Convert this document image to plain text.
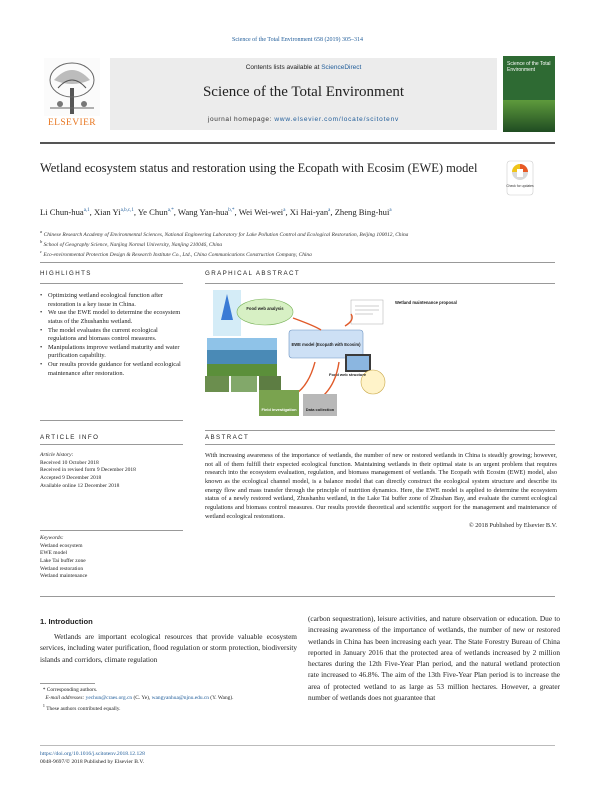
Science of the Total Environment 658 (2019) 305–314
ELSEVIER
Contents lists available at ScienceDirect
Science of the Total Environment
journal homepage: www.elsevier.com/locate/scitotenv
Science of the Total Environment
Wetland ecosystem status and restoration using the Ecopath with Ecosim (EWE) model
Check for updates
Li Chun-hua$^{a,1}$, Xian Yi$^{a,b,c,1}$, Ye Chun$^{a,*}$, Wang Yan-hua$^{b,*}$, Wei Wei-wei$^a$, Xi Hai-yan$^a$, Zheng Bing-hui$^a$
$^a$ Chinese Research Academy of Environmental Sciences, National Engineering Laboratory for Lake Pollution Control and Ecological Restoration, Beijing 100012, China
$^b$ School of Geography Science, Nanjing Normal University, Nanjing 210046, China
$^c$ Eco-environmental Protection Design & Research Institute Co., Ltd., China Communications Construction Company, China
HIGHLIGHTS
• Optimizing wetland ecological function after restoration is a key issue in China.
• We use the EWE model to determine the ecosystem status of the Zhushanhu wetland.
• The model evaluates the current ecological regulations and biomass control measures.
• Manipulations improve wetland maturity and water purification capability.
• Our results provide guidance for wetland ecological maintenance after restoration.
GRAPHICAL ABSTRACT
Food web analysis
Wetland maintenance proposal
EWE model (Ecopath with Ecosim)
Food web structure
Field investigation Data collection
ARTICLE INFO
Article history:
Received 10 October 2018
Received in revised form 9 December 2018
Accepted 9 December 2018
Available online 12 December 2018
Keywords:
Wetland ecosystem
EWE model
Lake Tai buffer zone
Wetland restoration
Wetland maintenance
ABSTRACT
With increasing awareness of the importance of wetlands, the number of new or restored wetlands in China is steadily growing; however, not all of them fulfill their expected ecological function. Maintaining wetlands in their optimal state is an urgent problem that requires research into the ecosystem evaluation, regulation, and biomass management of wetlands. The Ecopath with Ecosim (EWE) model, also known as the ecological channel model, is a balance model that can directly construct the ecological system structure and describe its energy flow and mass transfer through the principle of nutrition dynamics. Here, the EWE model is applied to determine the ecosystem status of a newly restored wetland, Zhushanhu wetland, in the Lake Tai buffer zone of Zhushan Bay, and evaluate the current ecological regulations and biomass control measures. Our results provide theoretical and scientific support for the management and maintenance of wetland ecological restorations.
© 2018 Published by Elsevier B.V.
1. Introduction
Wetlands are important ecological resources that provide valuable ecosystem services, including water purification, flood regulation or storm protection, biodiversity islands and corridors, climate regulation
(carbon sequestration), leisure activities, and nature observation or education. Due to increasing awareness of the importance of wetlands, the number of new or restored wetlands in China has been increasing each year. The State Forestry Bureau of China reported in January 2016 that the protected area of wetlands increased by 2 million hectares during the 12th Five-Year Plan period, and the natural wetland protection rate increased to 46.8%. The aim of the 13th Five-Year Plan period is to increase the area of protected wetland to as large as 53 million hectares. However, a greater number of wetlands does not guarantee that
* Corresponding authors.
E-mail addresses: yechun@craes.org.cn (C. Ye), wangyanhua@njnu.edu.cn (Y. Wang).
$^1$ These authors contributed equally.
https://doi.org/10.1016/j.scitotenv.2018.12.128
0048-9697/© 2018 Published by Elsevier B.V.
